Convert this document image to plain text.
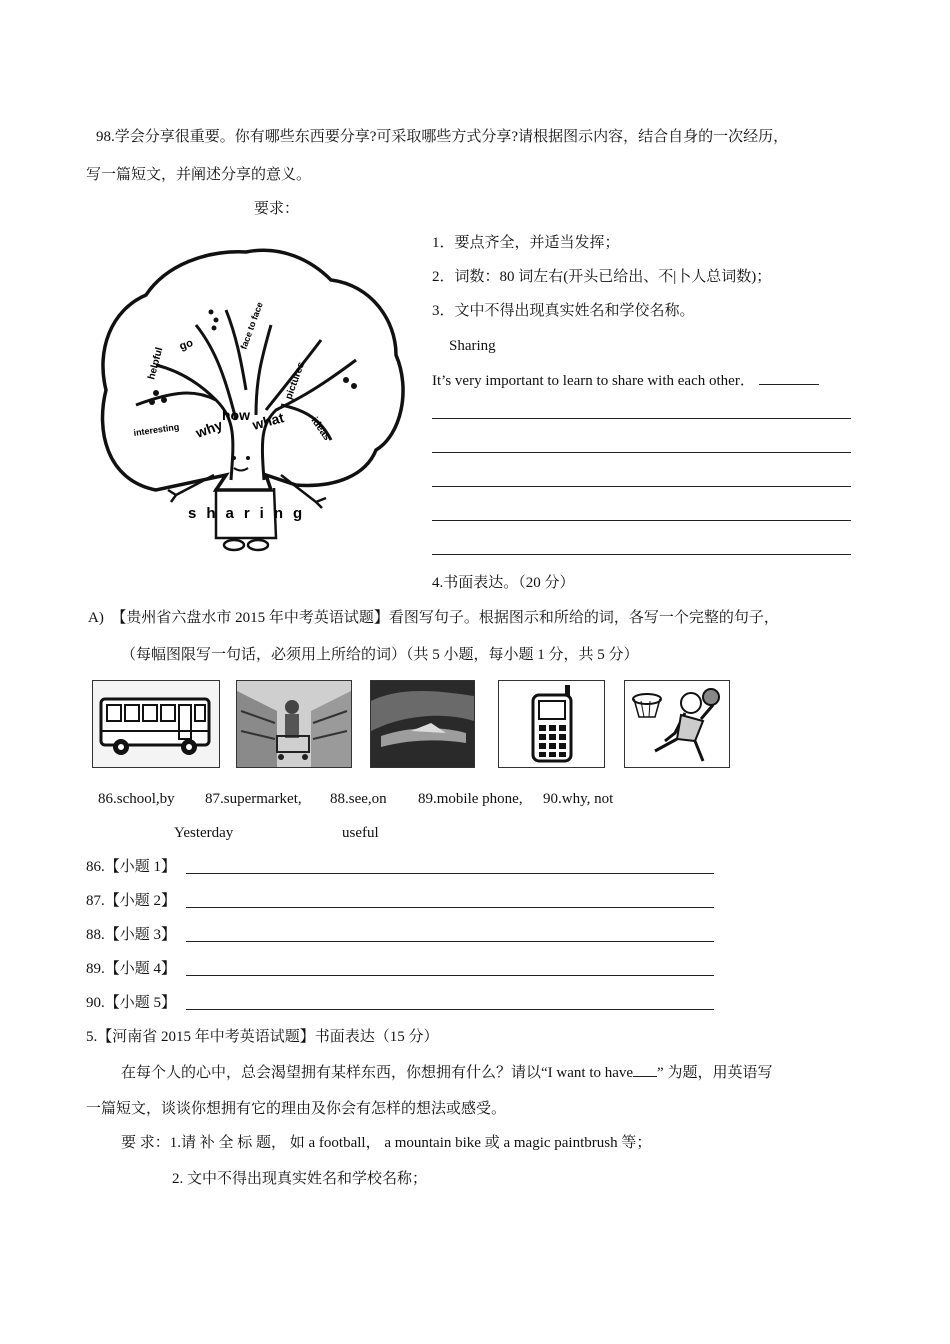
98.学会分享很重要。你有哪些东西要分享?可采取哪些方式分享?请根据图示内容，结合自身的一次经历，
写一篇短文，并阐述分享的意义。
要求：
helpful
go	face to face
pictures
ideas
interesting why
how what
sharing
1．要点齐全，并适当发挥；
2．词数：80 词左右(开头已给出、不|卜人总词数)；
3．文中不得出现真实姓名和学佼名称。
Sharing
It’s very important to learn to share with each other．
4.书面表达。（20 分）
A)　【贵州省六盘水市 2015 年中考英语试题】看图写句子。根据图示和所给的词，各写一个完整的句子，
（每幅图限写一句话，必须用上所给的词）（共 5 小题，每小题 1 分，共 5 分）
86.school,by 87.supermarket, 88.see,on 89.mobile phone, 90.why, not
Yesterday	useful
86.【小题 1】
87.【小题 2】
88.【小题 3】
89.【小题 4】
90.【小题 5】
5.【河南省 2015 年中考英语试题】书面表达（15 分）
在每个人的心中，总会渴望拥有某样东西，你想拥有什么？请以“I want to have ” 为题，用英语写
一篇短文，谈谈你想拥有它的理由及你会有怎样的想法或感受。
要 求：1.请 补 全 标 题， 如 a football， a mountain bike 或 a magic paintbrush 等；
2. 文中不得出现真实姓名和学校名称；
